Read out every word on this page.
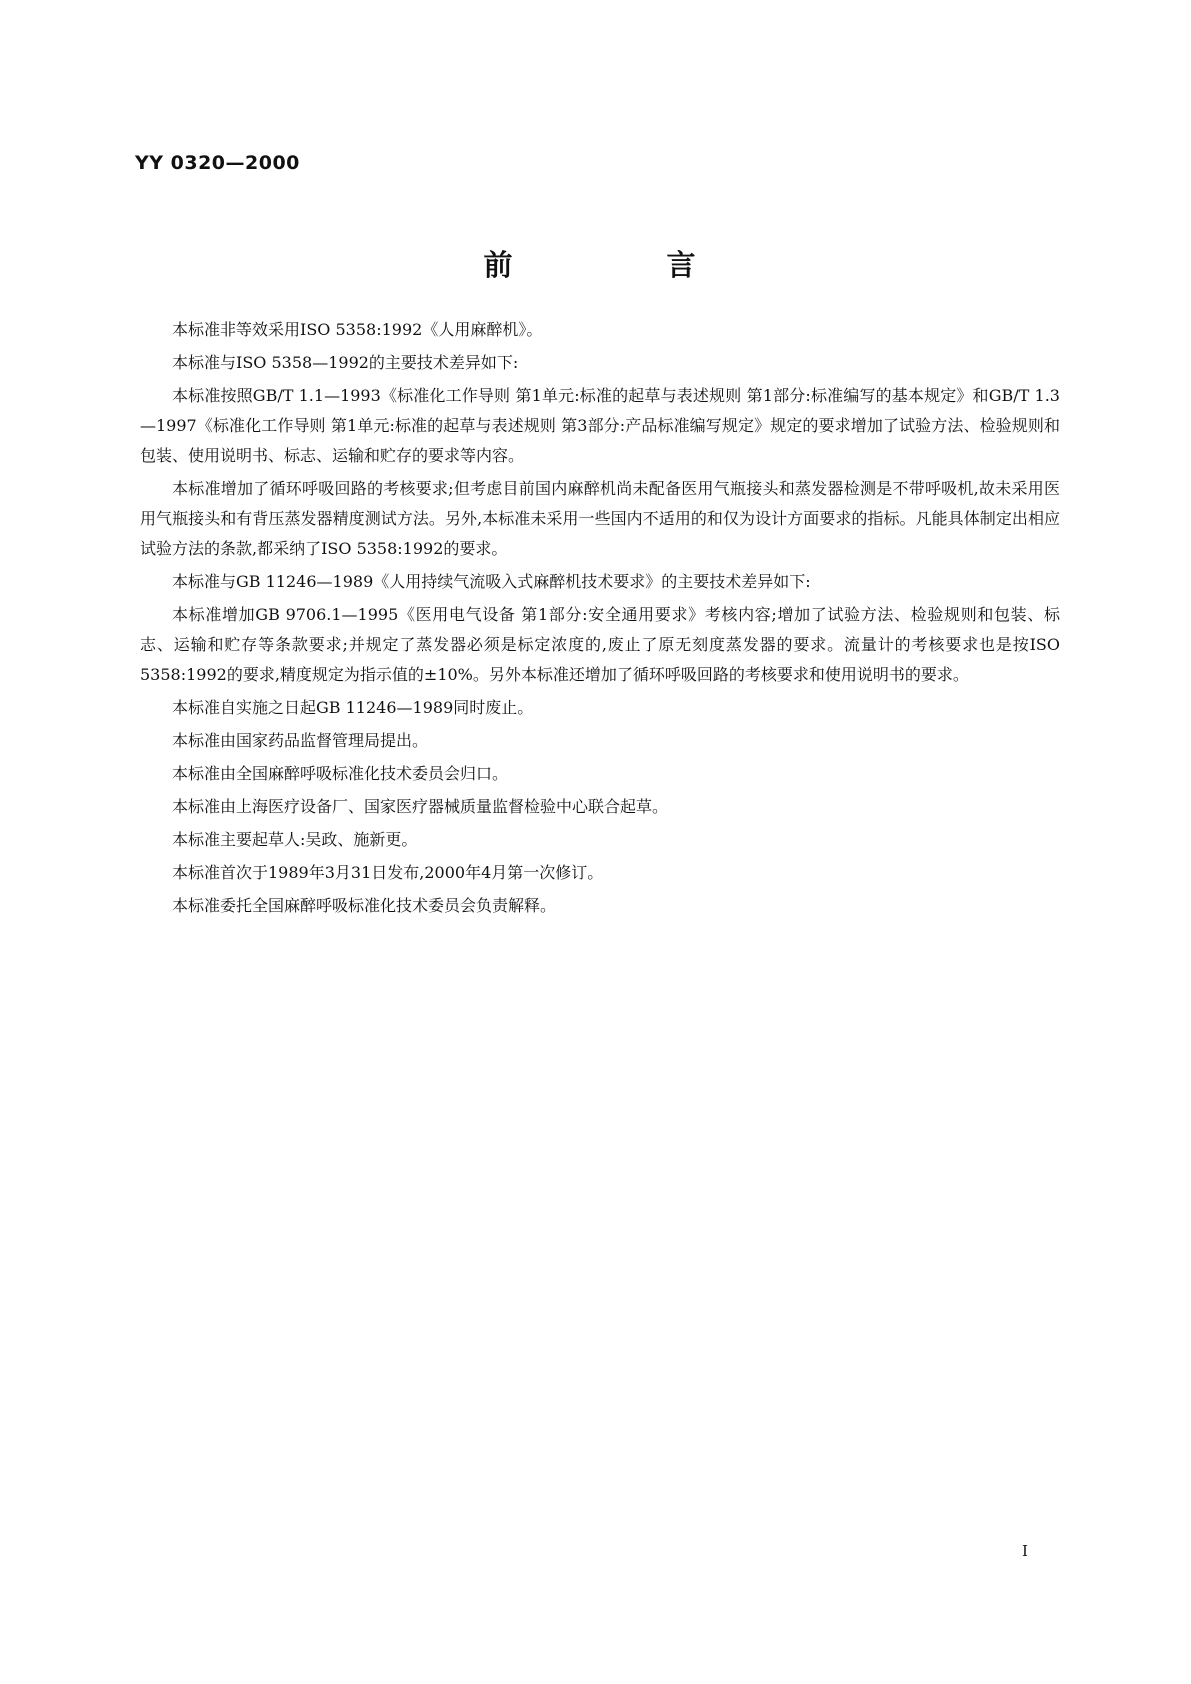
YY 0320—2000
前 言

本标准非等效采用ISO 5358:1992《人用麻醉机》。

本标准与ISO 5358—1992的主要技术差异如下:

本标准按照GB/T 1.1—1993《标准化工作导则 第1单元:标准的起草与表述规则 第1部分:标准编写的基本规定》和GB/T 1.3—1997《标准化工作导则 第1单元:标准的起草与表述规则 第3部分:产品标准编写规定》规定的要求增加了试验方法、检验规则和包装、使用说明书、标志、运输和贮存的要求等内容。

本标准增加了循环呼吸回路的考核要求;但考虑目前国内麻醉机尚未配备医用气瓶接头和蒸发器检测是不带呼吸机,故未采用医用气瓶接头和有背压蒸发器精度测试方法。另外,本标准未采用一些国内不适用的和仅为设计方面要求的指标。凡能具体制定出相应试验方法的条款,都采纳了ISO 5358:1992的要求。

本标准与GB 11246—1989《人用持续气流吸入式麻醉机技术要求》的主要技术差异如下:

本标准增加GB 9706.1—1995《医用电气设备 第1部分:安全通用要求》考核内容;增加了试验方法、检验规则和包装、标志、运输和贮存等条款要求;并规定了蒸发器必须是标定浓度的,废止了原无刻度蒸发器的要求。流量计的考核要求也是按ISO 5358:1992的要求,精度规定为指示值的±10%。另外本标准还增加了循环呼吸回路的考核要求和使用说明书的要求。

本标准自实施之日起GB 11246—1989同时废止。

本标准由国家药品监督管理局提出。

本标准由全国麻醉呼吸标准化技术委员会归口。

本标准由上海医疗设备厂、国家医疗器械质量监督检验中心联合起草。

本标准主要起草人:吴政、施新更。

本标准首次于1989年3月31日发布,2000年4月第一次修订。

本标准委托全国麻醉呼吸标准化技术委员会负责解释。

I
